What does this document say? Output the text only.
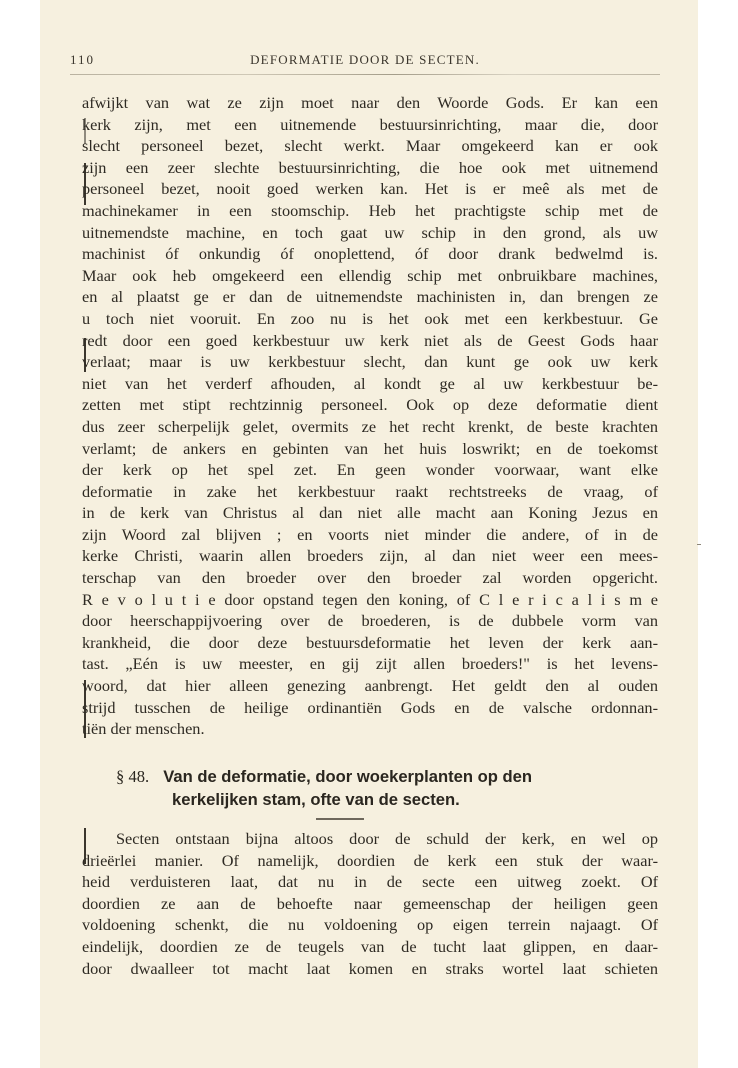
110	DEFORMATIE DOOR DE SECTEN.
afwijkt van wat ze zijn moet naar den Woorde Gods. Er kan een
kerk zijn, met een uitnemende bestuursinrichting, maar die, door
slecht personeel bezet, slecht werkt. Maar omgekeerd kan er ook
zijn een zeer slechte bestuursinrichting, die hoe ook met uitnemend
personeel bezet, nooit goed werken kan. Het is er meê als met de
machinekamer in een stoomschip. Heb het prachtigste schip met de
uitnemendste machine, en toch gaat uw schip in den grond, als uw
machinist óf onkundig óf onoplettend, óf door drank bedwelmd is.
Maar ook heb omgekeerd een ellendig schip met onbruikbare machines,
en al plaatst ge er dan de uitnemendste machinisten in, dan brengen ze
u toch niet vooruit. En zoo nu is het ook met een kerkbestuur. Ge
redt door een goed kerkbestuur uw kerk niet als de Geest Gods haar
verlaat; maar is uw kerkbestuur slecht, dan kunt ge ook uw kerk
niet van het verderf afhouden, al kondt ge al uw kerkbestuur be-
zetten met stipt rechtzinnig personeel. Ook op deze deformatie dient
dus zeer scherpelijk gelet, overmits ze het recht krenkt, de beste krachten
verlamt; de ankers en gebinten van het huis loswrikt; en de toekomst
der kerk op het spel zet. En geen wonder voorwaar, want elke
deformatie in zake het kerkbestuur raakt rechtstreeks de vraag, of
in de kerk van Christus al dan niet alle macht aan Koning Jezus en
zijn Woord zal blijven ; en voorts niet minder die andere, of in de
kerke Christi, waarin allen broeders zijn, al dan niet weer een mees-
terschap van den broeder over den broeder zal worden opgericht.
R e v o l u t i e door opstand tegen den koning, of C l e r i c a l i s m e
door heerschappijvoering over de broederen, is de dubbele vorm van
krankheid, die door deze bestuursdeformatie het leven der kerk aan-
tast. „Eén is uw meester, en gij zijt allen broeders!" is het levens-
woord, dat hier alleen genezing aanbrengt. Het geldt den al ouden
strijd tusschen de heilige ordinantiën Gods en de valsche ordonnan-
tiën der menschen.
§ 48. Van de deformatie, door woekerplanten op den
kerkelijken stam, ofte van de secten.
Secten ontstaan bijna altoos door de schuld der kerk, en wel op
drieërlei manier. Of namelijk, doordien de kerk een stuk der waar-
heid verduisteren laat, dat nu in de secte een uitweg zoekt. Of
doordien ze aan de behoefte naar gemeenschap der heiligen geen
voldoening schenkt, die nu voldoening op eigen terrein najaagt. Of
eindelijk, doordien ze de teugels van de tucht laat glippen, en daar-
door dwaalleer tot macht laat komen en straks wortel laat schieten
